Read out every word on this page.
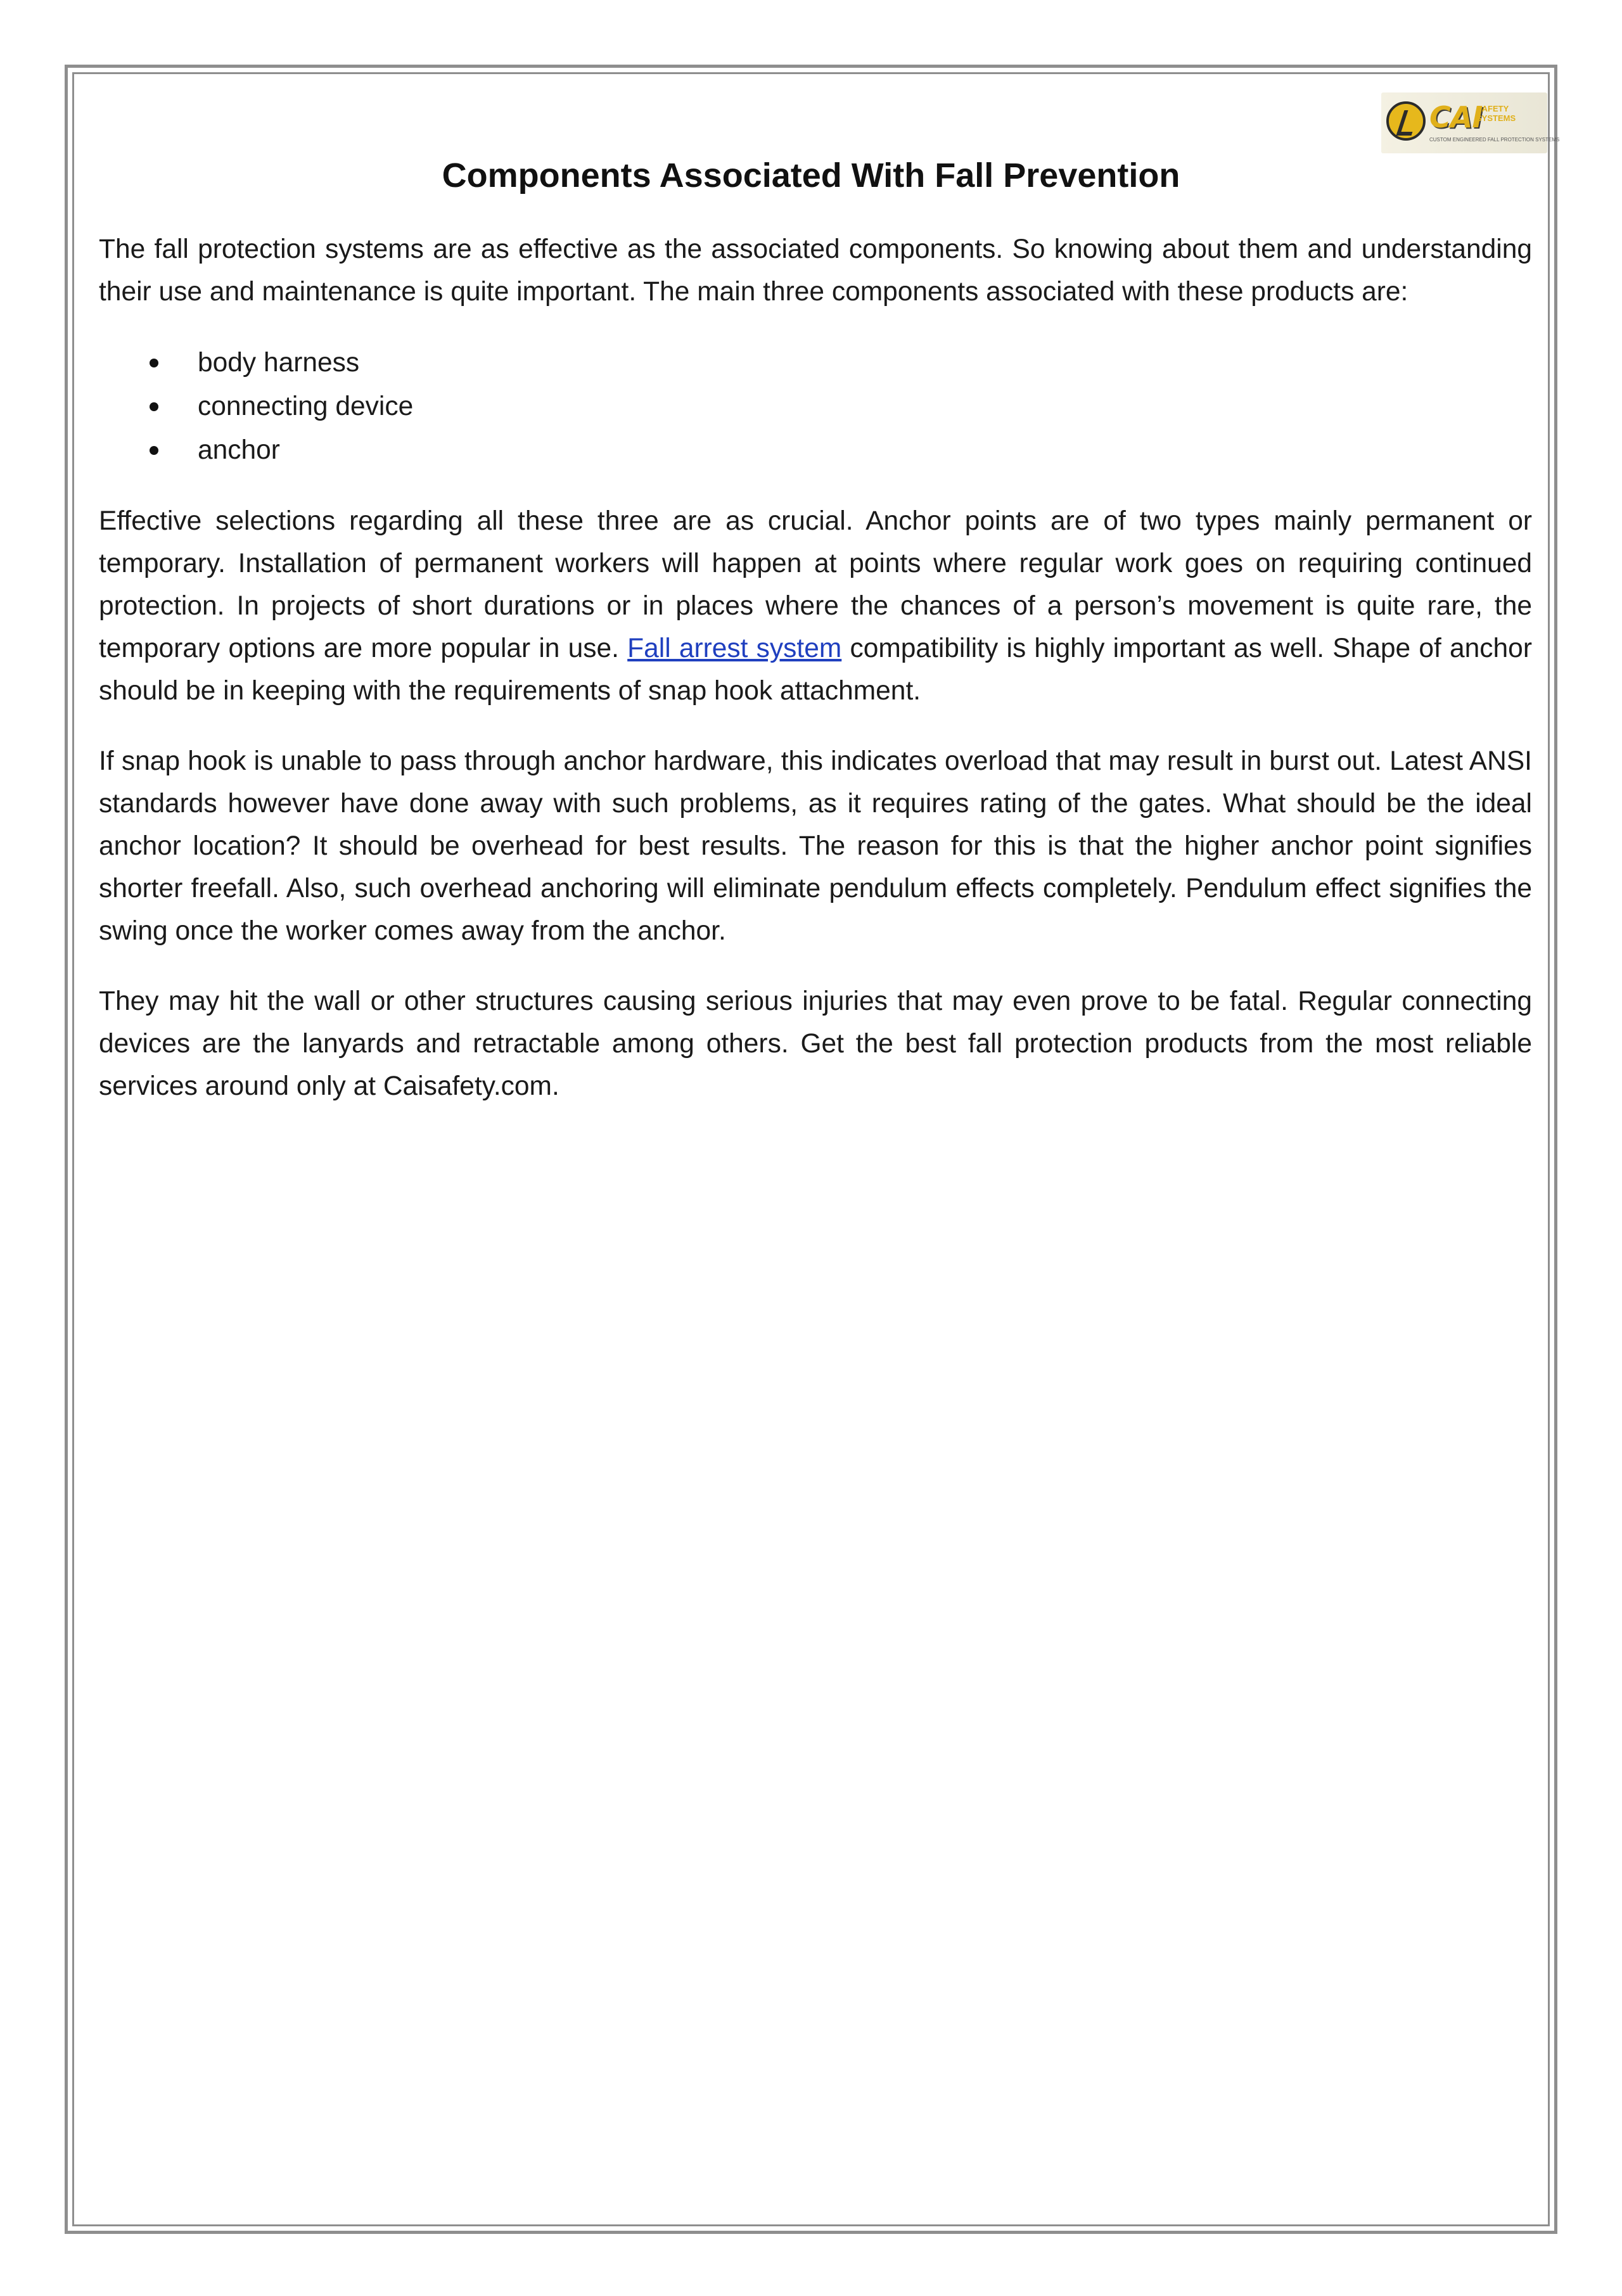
CAI
SAFETY SYSTEMS
CUSTOM ENGINEERED FALL PROTECTION SYSTEMS
Components Associated With Fall Prevention

The fall protection systems are as effective as the associated components. So knowing about them and understanding their use and maintenance is quite important. The main three components associated with these products are:

body harness
connecting device
anchor

Effective selections regarding all these three are as crucial. Anchor points are of two types mainly permanent or temporary. Installation of permanent workers will happen at points where regular work goes on requiring continued protection. In projects of short durations or in places where the chances of a person’s movement is quite rare, the temporary options are more popular in use. Fall arrest system compatibility is highly important as well. Shape of anchor should be in keeping with the requirements of snap hook attachment.

If snap hook is unable to pass through anchor hardware, this indicates overload that may result in burst out. Latest ANSI standards however have done away with such problems, as it requires rating of the gates. What should be the ideal anchor location? It should be overhead for best results. The reason for this is that the higher anchor point signifies shorter freefall. Also, such overhead anchoring will eliminate pendulum effects completely. Pendulum effect signifies the swing once the worker comes away from the anchor.

They may hit the wall or other structures causing serious injuries that may even prove to be fatal. Regular connecting devices are the lanyards and retractable among others. Get the best fall protection products from the most reliable services around only at Caisafety.com.
